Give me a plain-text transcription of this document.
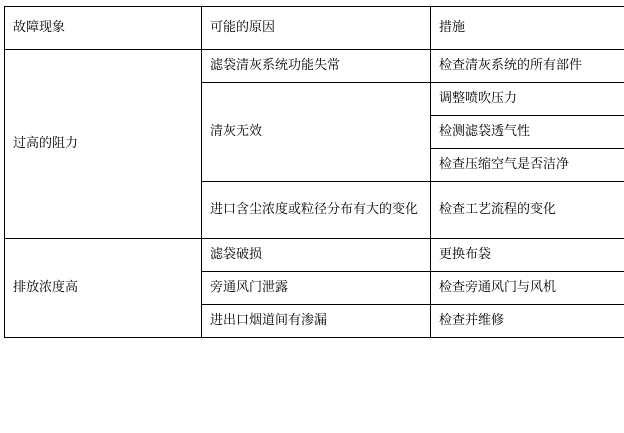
故障现象	可能的原因	措施
过高的阻力	滤袋清灰系统功能失常	检查清灰系统的所有部件
	清灰无效	调整喷吹压力
		检测滤袋透气性
		检查压缩空气是否洁净
	进口含尘浓度或粒径分布有大的变化	检查工艺流程的变化
排放浓度高	滤袋破损	更换布袋
	旁通风门泄露	检查旁通风门与风机
	进出口烟道间有渗漏	检查并维修
